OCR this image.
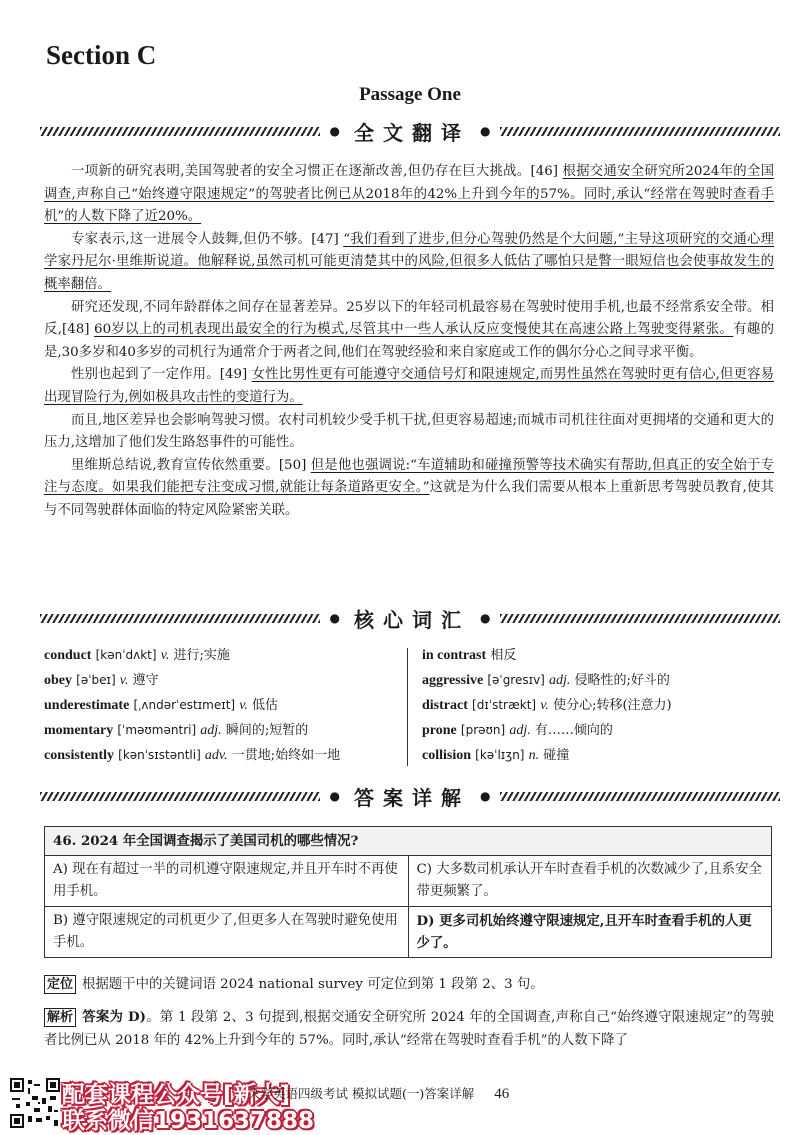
Section C
Passage One
● 全文翻译 ●

一项新的研究表明,美国驾驶者的安全习惯正在逐渐改善,但仍存在巨大挑战。[46] 根据交通安全研究所2024年的全国调查,声称自己“始终遵守限速规定”的驾驶者比例已从2018年的42%上升到今年的57%。同时,承认“经常在驾驶时查看手机”的人数下降了近20%。

专家表示,这一进展令人鼓舞,但仍不够。[47] “我们看到了进步,但分心驾驶仍然是个大问题,”主导这项研究的交通心理学家丹尼尔·里维斯说道。他解释说,虽然司机可能更清楚其中的风险,但很多人低估了哪怕只是瞥一眼短信也会使事故发生的概率翻倍。

研究还发现,不同年龄群体之间存在显著差异。25岁以下的年轻司机最容易在驾驶时使用手机,也最不经常系安全带。相反,[48] 60岁以上的司机表现出最安全的行为模式,尽管其中一些人承认反应变慢使其在高速公路上驾驶变得紧张。有趣的是,30多岁和40多岁的司机行为通常介于两者之间,他们在驾驶经验和来自家庭或工作的偶尔分心之间寻求平衡。

性别也起到了一定作用。[49] 女性比男性更有可能遵守交通信号灯和限速规定,而男性虽然在驾驶时更有信心,但更容易出现冒险行为,例如极具攻击性的变道行为。

而且,地区差异也会影响驾驶习惯。农村司机较少受手机干扰,但更容易超速;而城市司机往往面对更拥堵的交通和更大的压力,这增加了他们发生路怒事件的可能性。

里维斯总结说,教育宣传依然重要。[50] 但是他也强调说:“车道辅助和碰撞预警等技术确实有帮助,但真正的安全始于专注与态度。如果我们能把专注变成习惯,就能让每条道路更安全。”这就是为什么我们需要从根本上重新思考驾驶员教育,使其与不同驾驶群体面临的特定风险紧密关联。

● 核心词汇 ●
conduct [kənˈdʌkt] v. 进行;实施
obey [əˈbeɪ] v. 遵守
underestimate [ˌʌndərˈestɪmeɪt] v. 低估
momentary [ˈməʊməntri] adj. 瞬间的;短暂的
consistently [kənˈsɪstəntli] adv. 一贯地;始终如一地
in contrast 相反
aggressive [əˈgresɪv] adj. 侵略性的;好斗的
distract [dɪˈstrækt] v. 使分心;转移(注意力)
prone [prəʊn] adj. 有……倾向的
collision [kəˈlɪʒn] n. 碰撞
● 答案详解 ●
46. 2024 年全国调查揭示了美国司机的哪些情况?	
A) 现在有超过一半的司机遵守限速规定,并且开车时不再使用手机。	C) 大多数司机承认开车时查看手机的次数减少了,且系安全带更频繁了。
B) 遵守限速规定的司机更少了,但更多人在驾驶时避免使用手机。	D) 更多司机始终遵守限速规定,且开车时查看手机的人更少了。
定位 根据题干中的关键词语 2024 national survey 可定位到第 1 段第 2、3 句。
解析 答案为 D)。第 1 段第 2、3 句提到,根据交通安全研究所 2024 年的全国调查,声称自己“始终遵守限速规定”的驾驶者比例已从 2018 年的 42%上升到今年的 57%。同时,承认“经常在驾驶时查看手机”的人数下降了
配套课程公众号[新大]
联系微信1931637888
大学英语四级考试 模拟试题(一)答案详解 46
